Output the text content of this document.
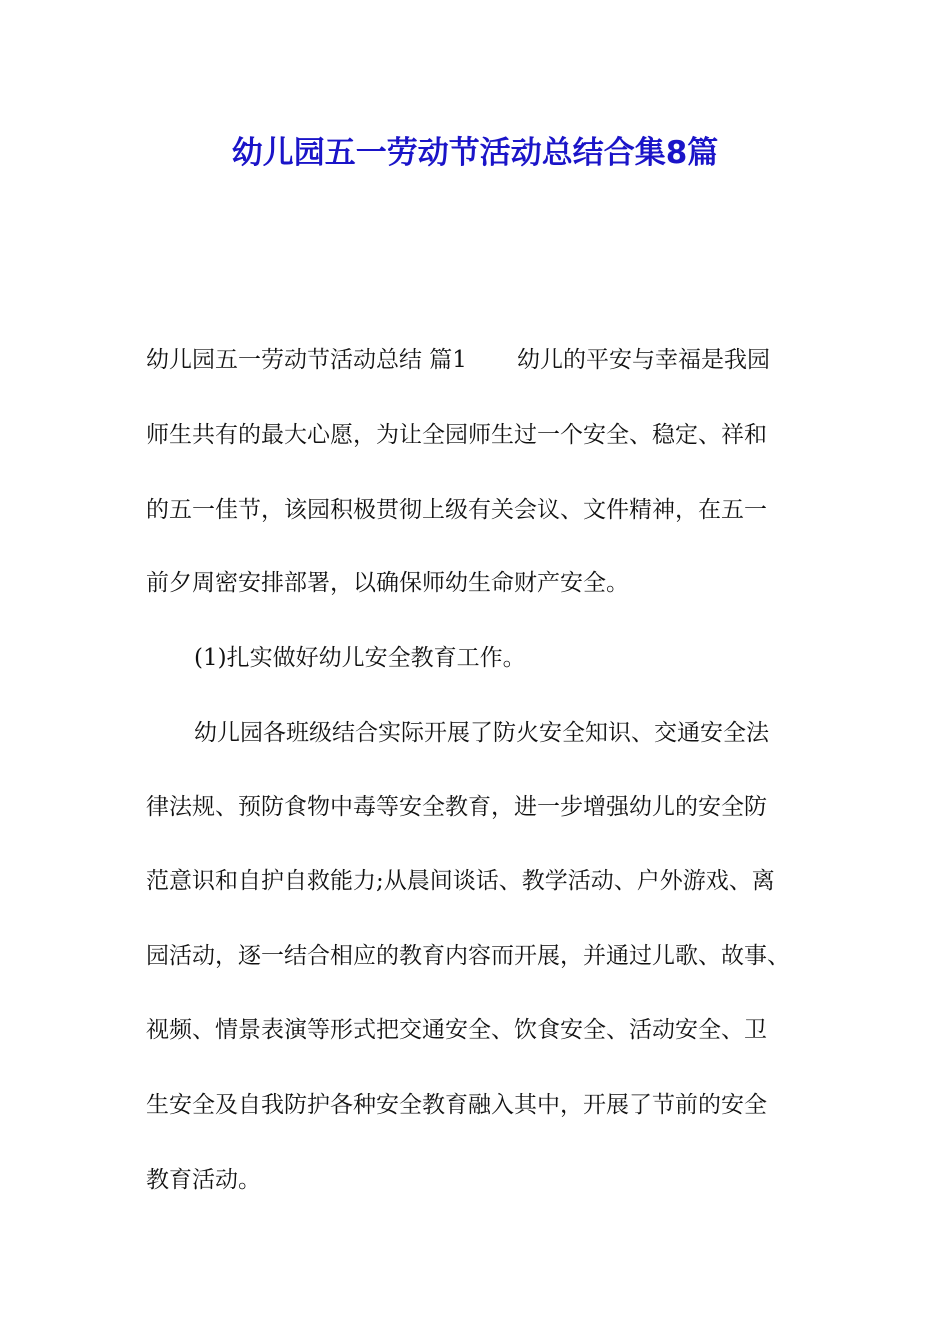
幼儿园五一劳动节活动总结合集8篇

幼儿园五一劳动节活动总结 篇1 幼儿的平安与幸福是我园

师生共有的最大心愿，为让全园师生过一个安全、稳定、祥和

的五一佳节，该园积极贯彻上级有关会议、文件精神，在五一

前夕周密安排部署，以确保师幼生命财产安全。

(1)扎实做好幼儿安全教育工作。

幼儿园各班级结合实际开展了防火安全知识、交通安全法

律法规、预防食物中毒等安全教育，进一步增强幼儿的安全防

范意识和自护自救能力;从晨间谈话、教学活动、户外游戏、离

园活动，逐一结合相应的教育内容而开展，并通过儿歌、故事、

视频、情景表演等形式把交通安全、饮食安全、活动安全、卫

生安全及自我防护各种安全教育融入其中，开展了节前的安全

教育活动。
